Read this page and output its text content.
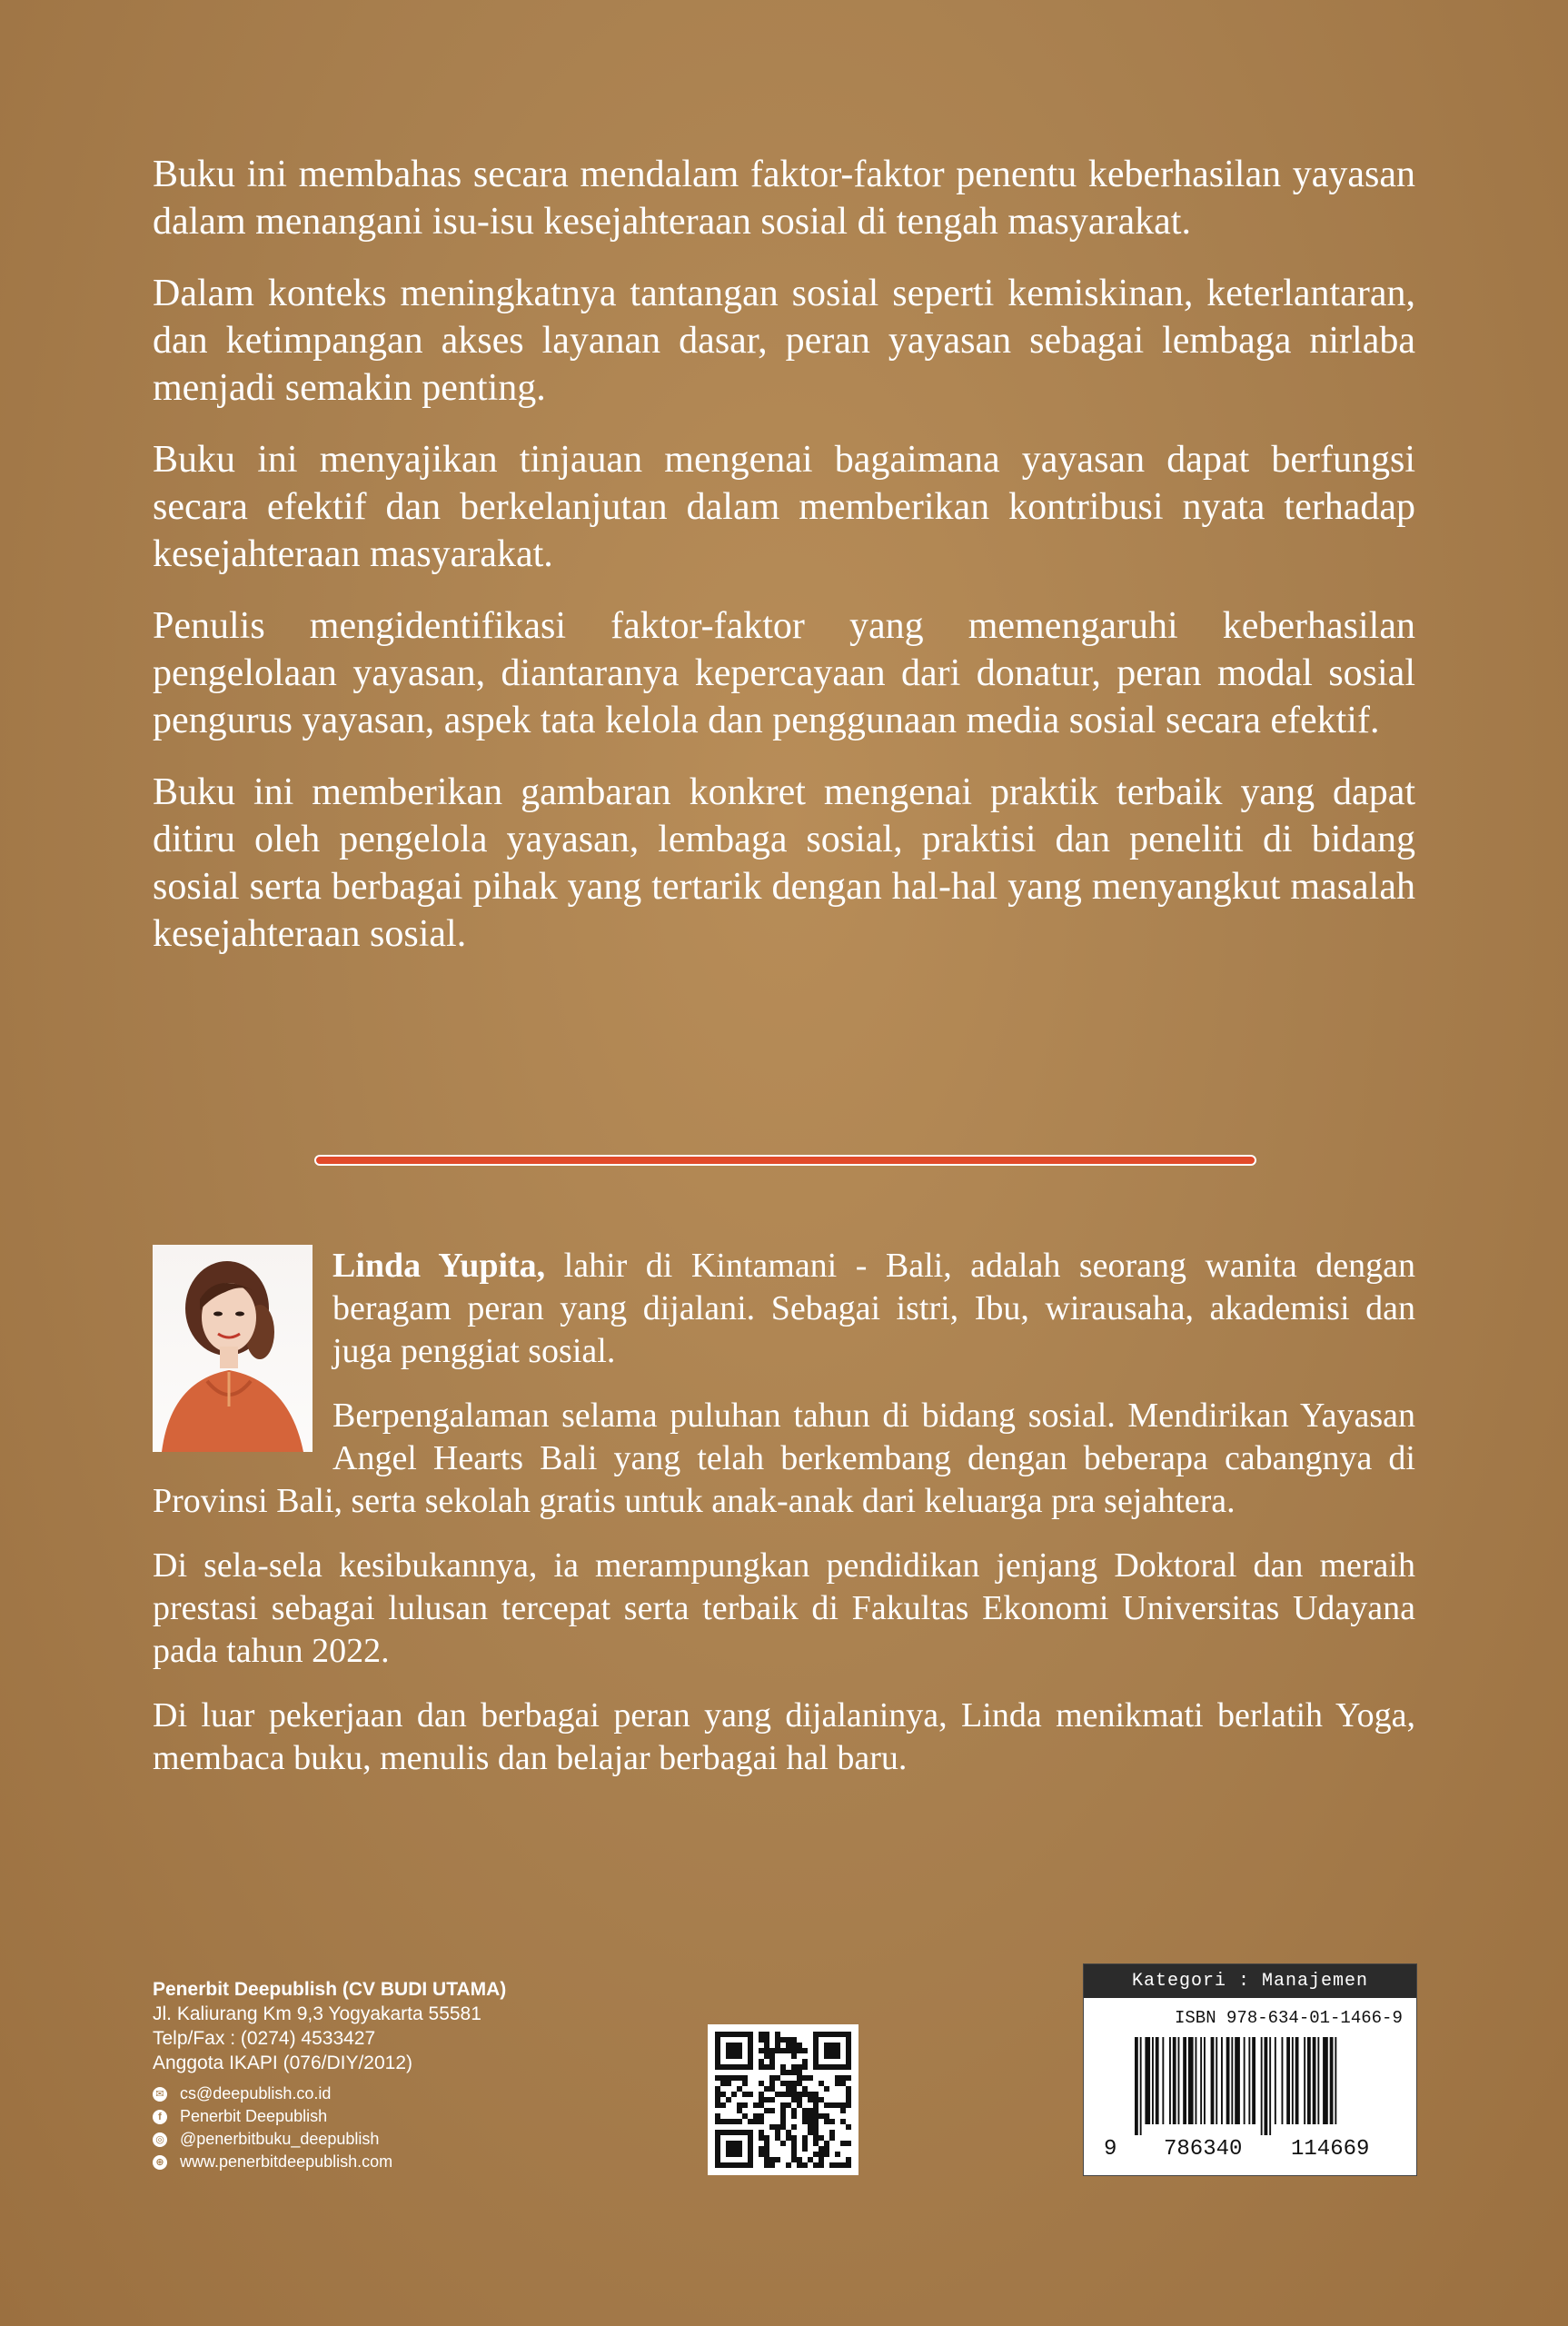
Buku ini membahas secara mendalam faktor-faktor penentu keberhasilan yayasan dalam menangani isu-isu kesejahteraan sosial di tengah masyarakat.

Dalam konteks meningkatnya tantangan sosial seperti kemiskinan, keterlantaran, dan ketimpangan akses layanan dasar, peran yayasan sebagai lembaga nirlaba menjadi semakin penting.

Buku ini menyajikan tinjauan mengenai bagaimana yayasan dapat berfungsi secara efektif dan berkelanjutan dalam memberikan kontribusi nyata terhadap kesejahteraan masyarakat.

Penulis mengidentifikasi faktor-faktor yang memengaruhi keberhasilan pengelolaan yayasan, diantaranya kepercayaan dari donatur, peran modal sosial pengurus yayasan, aspek tata kelola dan penggunaan media sosial secara efektif.

Buku ini memberikan gambaran konkret mengenai praktik terbaik yang dapat ditiru oleh pengelola yayasan, lembaga sosial, praktisi dan peneliti di bidang sosial serta berbagai pihak yang tertarik dengan hal-hal yang menyangkut masalah kesejahteraan sosial.

Linda Yupita, lahir di Kintamani - Bali, adalah seorang wanita dengan beragam peran yang dijalani. Sebagai istri, Ibu, wirausaha, akademisi dan juga penggiat sosial.

Berpengalaman selama puluhan tahun di bidang sosial. Mendirikan Yayasan Angel Hearts Bali yang telah berkembang dengan beberapa cabangnya di Provinsi Bali, serta sekolah gratis untuk anak-anak dari keluarga pra sejahtera.

Di sela-sela kesibukannya, ia merampungkan pendidikan jenjang Doktoral dan meraih prestasi sebagai lulusan tercepat serta terbaik di Fakultas Ekonomi Universitas Udayana pada tahun 2022.

Di luar pekerjaan dan berbagai peran yang dijalaninya, Linda menikmati berlatih Yoga, membaca buku, menulis dan belajar berbagai hal baru.

Penerbit Deepublish (CV BUDI UTAMA)
Jl. Kaliurang Km 9,3 Yogyakarta 55581
Telp/Fax : (0274) 4533427
Anggota IKAPI (076/DIY/2012)
✉ cs@deepublish.co.id
f	Penerbit Deepublish
◎ @penerbitbuku_deepublish
⊕ www.penerbitdeepublish.com
Kategori : Manajemen
ISBN 978-634-01-1466-9
9 786340 114669
